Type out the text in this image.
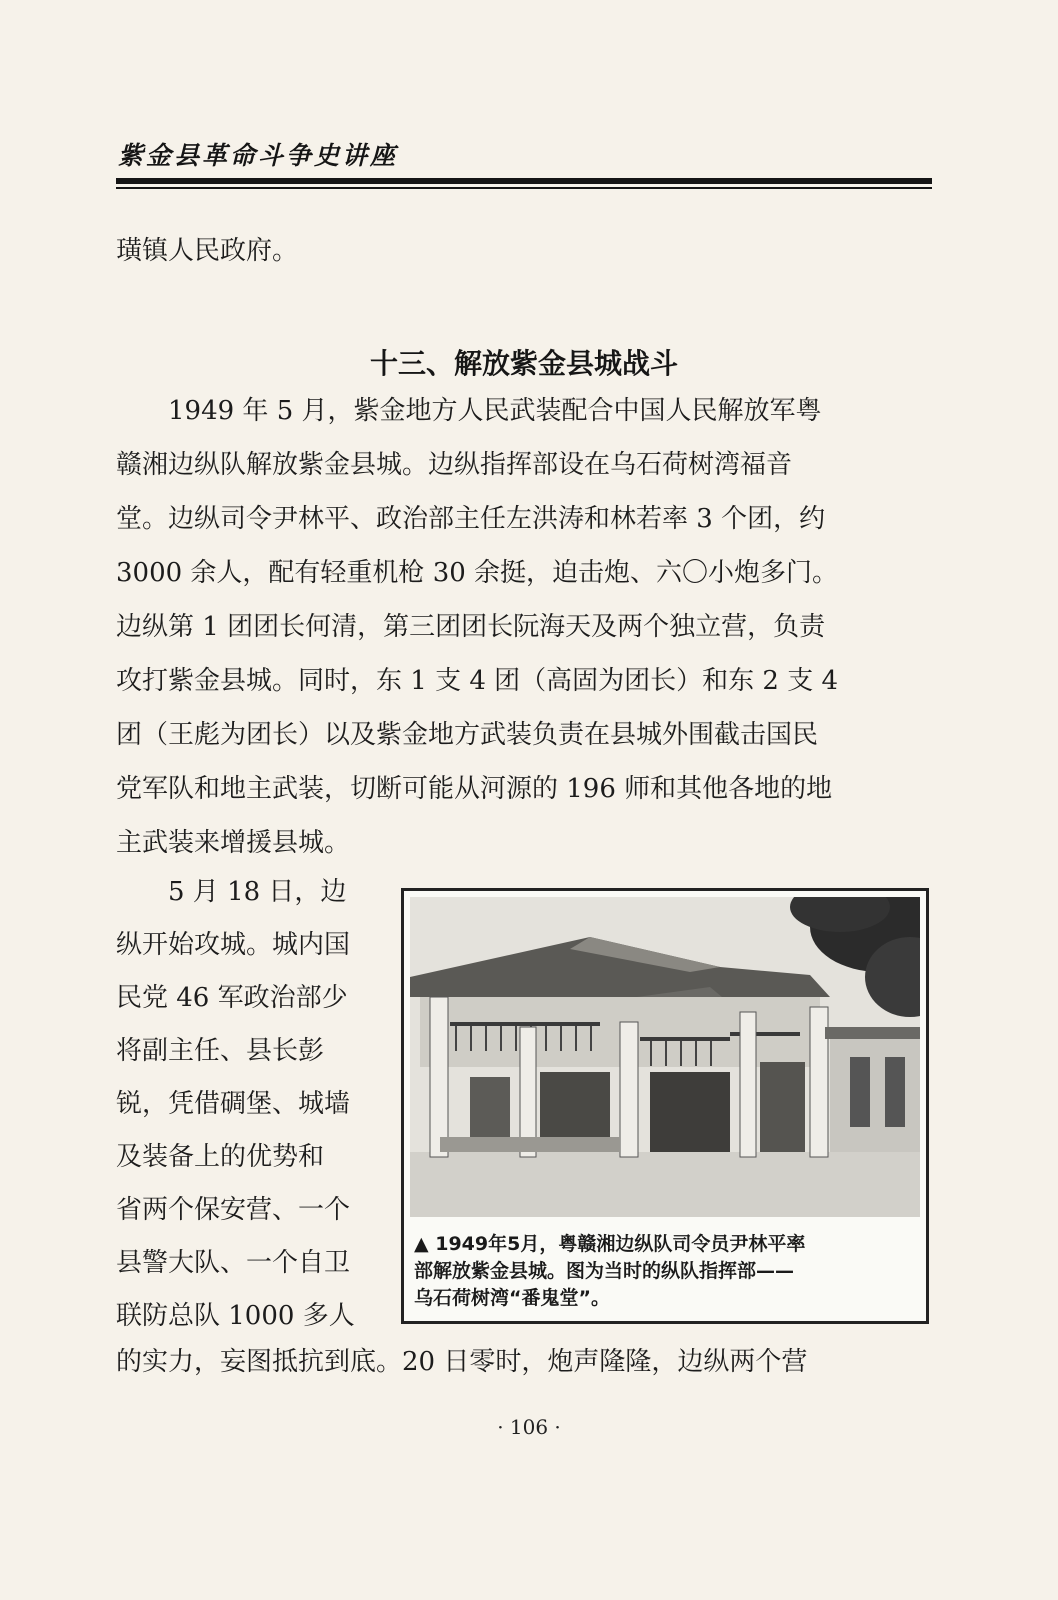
紫金县革命斗争史讲座

璜镇人民政府。

十三、解放紫金县城战斗
　　1949 年 5 月，紫金地方人民武装配合中国人民解放军粤
赣湘边纵队解放紫金县城。边纵指挥部设在乌石荷树湾福音
堂。边纵司令尹林平、政治部主任左洪涛和林若率 3 个团，约
3000 余人，配有轻重机枪 30 余挺，迫击炮、六〇小炮多门。
边纵第 1 团团长何清，第三团团长阮海天及两个独立营，负责
攻打紫金县城。同时，东 1 支 4 团（高固为团长）和东 2 支 4
团（王彪为团长）以及紫金地方武装负责在县城外围截击国民
党军队和地主武装，切断可能从河源的 196 师和其他各地的地
主武装来增援县城。
　　5 月 18 日，边
纵开始攻城。城内国
民党 46 军政治部少
将副主任、县长彭
锐，凭借碉堡、城墙
及装备上的优势和
省两个保安营、一个
县警大队、一个自卫
联防总队 1000 多人
▲ 1949年5月，粤赣湘边纵队司令员尹林平率
部解放紫金县城。图为当时的纵队指挥部——
乌石荷树湾“番鬼堂”。

的实力，妄图抵抗到底。20 日零时，炮声隆隆，边纵两个营

· 106 ·
